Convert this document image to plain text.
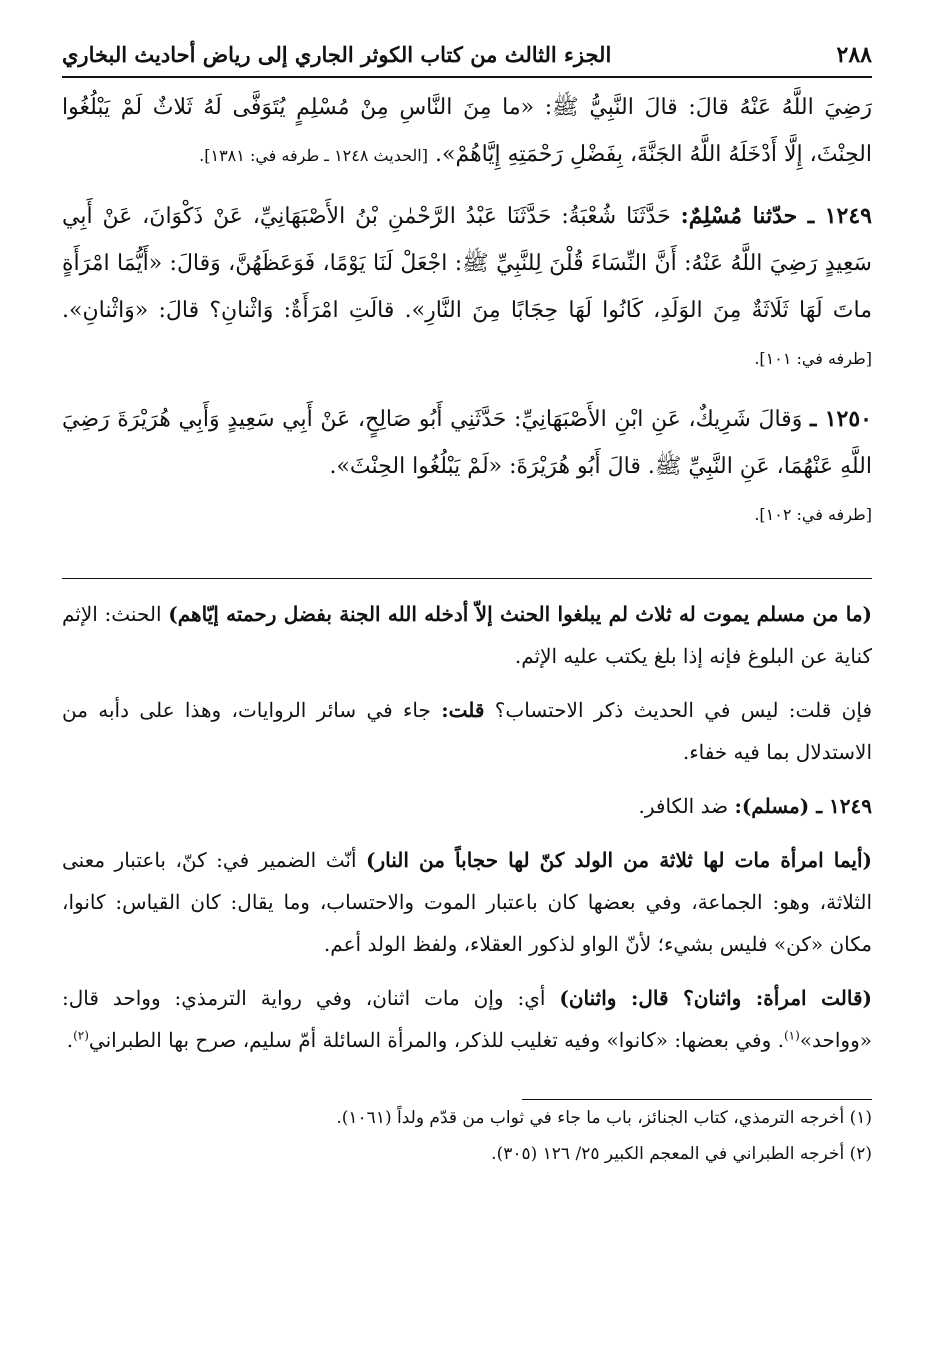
٢٨٨
الجزء الثالث من كتاب الكوثر الجاري إلى رياض أحاديث البخاري

رَضِيَ اللَّهُ عَنْهُ قالَ: قالَ النَّبِيُّ ﷺ: «ما مِنَ النَّاسِ مِنْ مُسْلِمٍ يُتَوَفَّى لَهُ ثَلاثٌ لَمْ يَبْلُغُوا الحِنْثَ، إِلَّا أَدْخَلَهُ اللَّهُ الجَنَّةَ، بِفَضْلِ رَحْمَتِهِ إِيَّاهُمْ». [الحديث ١٢٤٨ ـ طرفه في: ١٣٨١].

١٢٤٩ ـ حدّثنا مُسْلِمٌ: حَدَّثَنَا شُعْبَةُ: حَدَّثَنَا عَبْدُ الرَّحْمٰنِ بْنُ الأَصْبَهَانِيِّ، عَنْ ذَكْوَانَ، عَنْ أَبِي سَعِيدٍ رَضِيَ اللَّهُ عَنْهُ: أَنَّ النِّسَاءَ قُلْنَ لِلنَّبِيِّ ﷺ: اجْعَلْ لَنَا يَوْمًا، فَوَعَظَهُنَّ، وَقالَ: «أَيُّمَا امْرَأَةٍ ماتَ لَهَا ثَلَاثَةٌ مِنَ الوَلَدِ، كَانُوا لَهَا حِجَابًا مِنَ النَّارِ». قالَتِ امْرَأَةٌ: وَاثْنانِ؟ قالَ: «وَاثْنانِ». [طرفه في: ١٠١].

١٢٥٠ ـ وَقالَ شَرِيكٌ، عَنِ ابْنِ الأَصْبَهَانِيِّ: حَدَّثَنِي أَبُو صَالِحٍ، عَنْ أَبِي سَعِيدٍ وَأَبِي هُرَيْرَةَ رَضِيَ اللَّهِ عَنْهُمَا، عَنِ النَّبِيِّ ﷺ. قالَ أَبُو هُرَيْرَةَ: «لَمْ يَبْلُغُوا الحِنْثَ».
[طرفه في: ١٠٢].

(ما من مسلم يموت له ثلاث لم يبلغوا الحنث إلاّ أدخله الله الجنة بفضل رحمته إيّاهم) الحنث: الإثم كناية عن البلوغ فإنه إذا بلغ يكتب عليه الإثم.

فإن قلت: ليس في الحديث ذكر الاحتساب؟ قلت: جاء في سائر الروايات، وهذا على دأبه من الاستدلال بما فيه خفاء.

١٢٤٩ ـ (مسلم): ضد الكافر.

(أيما امرأة مات لها ثلاثة من الولد كنّ لها حجاباً من النار) أنّث الضمير في: كنّ، باعتبار معنى الثلاثة، وهو: الجماعة، وفي بعضها كان باعتبار الموت والاحتساب، وما يقال: كان القياس: كانوا، مكان «كن» فليس بشيء؛ لأنّ الواو لذكور العقلاء، ولفظ الولد أعم.

(قالت امرأة: واثنان؟ قال: واثنان) أي: وإن مات اثنان، وفي رواية الترمذي: وواحد قال: «وواحد»$^{(١)}$. وفي بعضها: «كانوا» وفيه تغليب للذكر، والمرأة السائلة أمّ سليم، صرح بها الطبراني$^{(٢)}$.

(١) أخرجه الترمذي، كتاب الجنائز، باب ما جاء في ثواب من قدّم ولداً (١٠٦١).

(٢) أخرجه الطبراني في المعجم الكبير ٢٥/ ١٢٦ (٣٠٥).
